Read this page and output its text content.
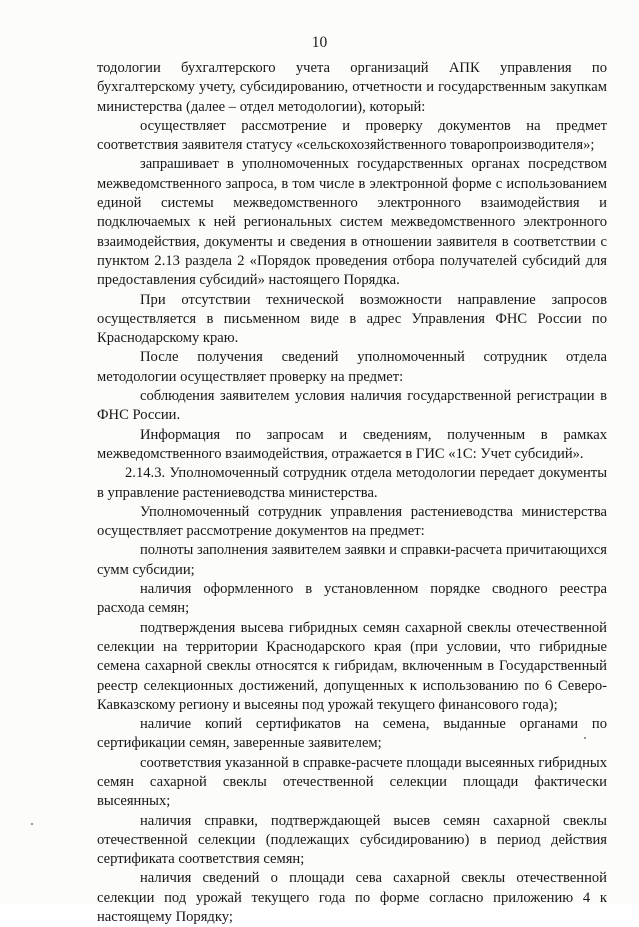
10

тодологии бухгалтерского учета организаций АПК управления по бухгалтерскому учету, субсидированию, отчетности и государственным закупкам министерства (далее – отдел методологии), который:

осуществляет рассмотрение и проверку документов на предмет соответствия заявителя статусу «сельскохозяйственного товаропроизводителя»;

запрашивает в уполномоченных государственных органах посредством межведомственного запроса, в том числе в электронной форме с использованием единой системы межведомственного электронного взаимодействия и подключаемых к ней региональных систем межведомственного электронного взаимодействия, документы и сведения в отношении заявителя в соответствии с пунктом 2.13 раздела 2 «Порядок проведения отбора получателей субсидий для предоставления субсидий» настоящего Порядка.

При отсутствии технической возможности направление запросов осуществляется в письменном виде в адрес Управления ФНС России по Краснодарскому краю.

После получения сведений уполномоченный сотрудник отдела методологии осуществляет проверку на предмет:

соблюдения заявителем условия наличия государственной регистрации в ФНС России.

Информация по запросам и сведениям, полученным в рамках межведомственного взаимодействия, отражается в ГИС «1С: Учет субсидий».

2.14.3. Уполномоченный сотрудник отдела методологии передает документы в управление растениеводства министерства.

Уполномоченный сотрудник управления растениеводства министерства осуществляет рассмотрение документов на предмет:

полноты заполнения заявителем заявки и справки-расчета причитающихся сумм субсидии;

наличия оформленного в установленном порядке сводного реестра расхода семян;

подтверждения высева гибридных семян сахарной свеклы отечественной селекции на территории Краснодарского края (при условии, что гибридные семена сахарной свеклы относятся к гибридам, включенным в Государственный реестр селекционных достижений, допущенных к использованию по 6 Северо-Кавказскому региону и высеяны под урожай текущего финансового года);

наличие копий сертификатов на семена, выданные органами по сертификации семян, заверенные заявителем;

соответствия указанной в справке-расчете площади высеянных гибридных семян сахарной свеклы отечественной селекции площади фактически высеянных;

наличия справки, подтверждающей высев семян сахарной свеклы отечественной селекции (подлежащих субсидированию) в период действия сертификата соответствия семян;

наличия сведений о площади сева сахарной свеклы отечественной селекции под урожай текущего года по форме согласно приложению 4 к настоящему Порядку;
